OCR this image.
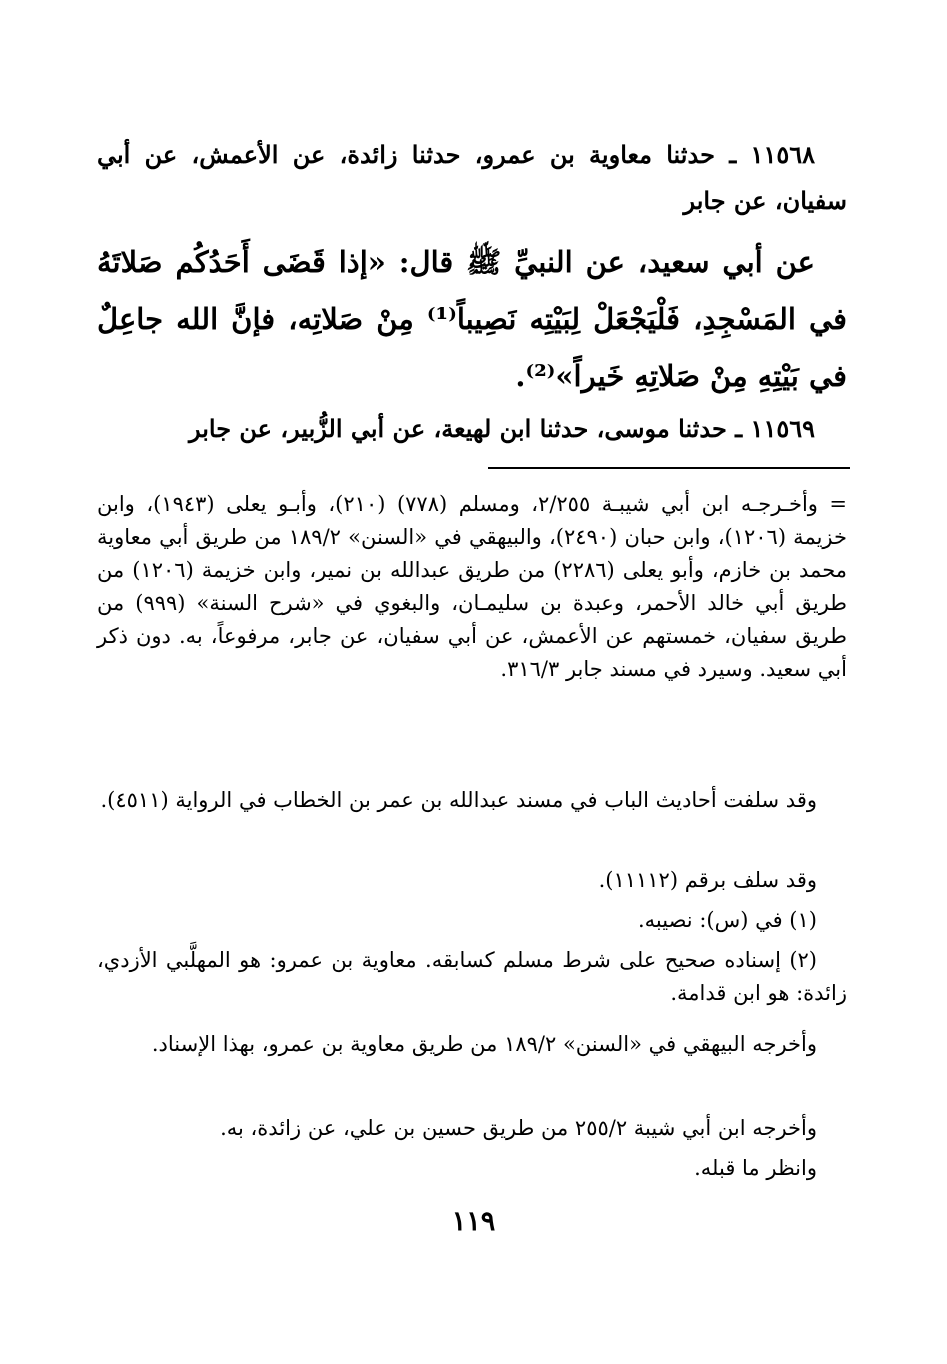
١١٥٦٨ ـ حدثنا معاوية بن عمرو، حدثنا زائدة، عن الأعمش، عن أبي سفيان، عن جابر
عن أبي سعيد، عن النبيِّ ﷺ قال: «إذا قَضَى أَحَدُكُم صَلاتَهُ في المَسْجِدِ، فَلْيَجْعَلْ لِبَيْتِه نَصِيباً⁽¹⁾ مِنْ صَلاتِه، فإنَّ الله جاعِلٌ في بَيْتِهِ مِنْ صَلاتِهِ خَيراً»⁽²⁾.
١١٥٦٩ ـ حدثنا موسى، حدثنا ابن لهيعة، عن أبي الزُّبير، عن جابر
= وأخـرجـه ابن أبي شيبـة ٢/٢٥٥، ومسلم (٧٧٨) (٢١٠)، وأبـو يعلى (١٩٤٣)، وابن خزيمة (١٢٠٦)، وابن حبان (٢٤٩٠)، والبيهقي في «السنن» ١٨٩/٢ من طريق أبي معاوية محمد بن خازم، وأبو يعلى (٢٢٨٦) من طريق عبدالله بن نمير، وابن خزيمة (١٢٠٦) من طريق أبي خالد الأحمر، وعبدة بن سليمـان، والبغوي في «شرح السنة» (٩٩٩) من طريق سفيان، خمستهم عن الأعمش، عن أبي سفيان، عن جابر، مرفوعاً، به. دون ذكر أبي سعيد. وسيرد في مسند جابر ٣١٦/٣.
وقد سلفت أحاديث الباب في مسند عبدالله بن عمر بن الخطاب في الرواية (٤٥١١).
وقد سلف برقم (١١١١٢).
(١) في (س): نصيبه.
(٢) إسناده صحيح على شرط مسلم كسابقه. معاوية بن عمرو: هو المهلَّبي الأزدي، زائدة: هو ابن قدامة.
وأخرجه البيهقي في «السنن» ١٨٩/٢ من طريق معاوية بن عمرو، بهذا الإسناد.
وأخرجه ابن أبي شيبة ٢٥٥/٢ من طريق حسين بن علي، عن زائدة، به.
وانظر ما قبله.
١١٩
